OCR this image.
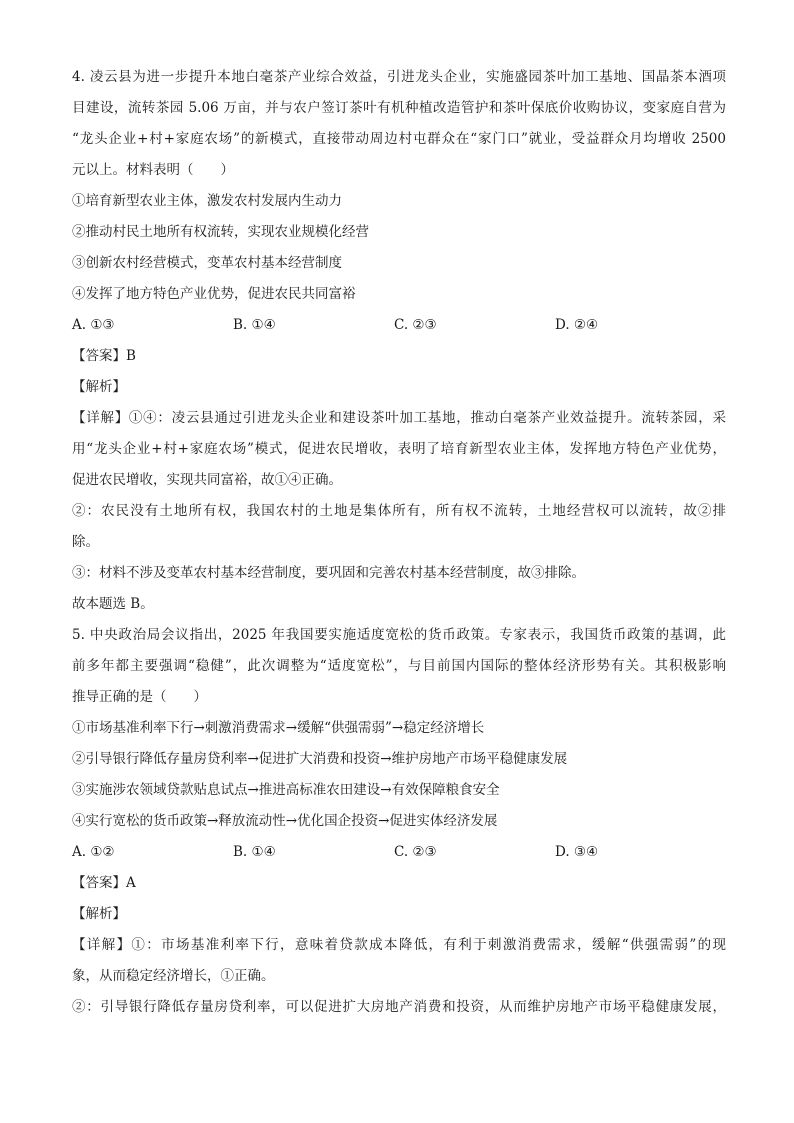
4. 凌云县为进一步提升本地白毫茶产业综合效益，引进龙头企业，实施盛园茶叶加工基地、国晶茶本酒项
目建设，流转茶园 5.06 万亩，并与农户签订茶叶有机种植改造管护和茶叶保底价收购协议，变家庭自营为
“龙头企业+村+家庭农场”的新模式，直接带动周边村屯群众在“家门口”就业，受益群众月均增收 2500
元以上。材料表明（　　）
①培育新型农业主体，激发农村发展内生动力
②推动村民土地所有权流转，实现农业规模化经营
③创新农村经营模式，变革农村基本经营制度
④发挥了地方特色产业优势，促进农民共同富裕
A. ①③	B. ①④	C. ②③	D. ②④
【答案】B
【解析】
【详解】①④：凌云县通过引进龙头企业和建设茶叶加工基地，推动白毫茶产业效益提升。流转茶园，采
用“龙头企业+村+家庭农场”模式，促进农民增收，表明了培育新型农业主体，发挥地方特色产业优势，
促进农民增收，实现共同富裕，故①④正确。
②：农民没有土地所有权，我国农村的土地是集体所有，所有权不流转，土地经营权可以流转，故②排
除。
③：材料不涉及变革农村基本经营制度，要巩固和完善农村基本经营制度，故③排除。
故本题选 B。
5. 中央政治局会议指出，2025 年我国要实施适度宽松的货币政策。专家表示，我国货币政策的基调，此
前多年都主要强调“稳健”，此次调整为“适度宽松”，与目前国内国际的整体经济形势有关。其积极影响
推导正确的是（　　）
①市场基准利率下行→刺激消费需求→缓解“供强需弱”→稳定经济增长
②引导银行降低存量房贷利率→促进扩大消费和投资→维护房地产市场平稳健康发展
③实施涉农领域贷款贴息试点→推进高标准农田建设→有效保障粮食安全
④实行宽松的货币政策→释放流动性→优化国企投资→促进实体经济发展
A. ①②	B. ①④	C. ②③	D. ③④
【答案】A
【解析】
【详解】①：市场基准利率下行，意味着贷款成本降低，有利于刺激消费需求，缓解“供强需弱”的现
象，从而稳定经济增长，①正确。
②：引导银行降低存量房贷利率，可以促进扩大房地产消费和投资，从而维护房地产市场平稳健康发展，
